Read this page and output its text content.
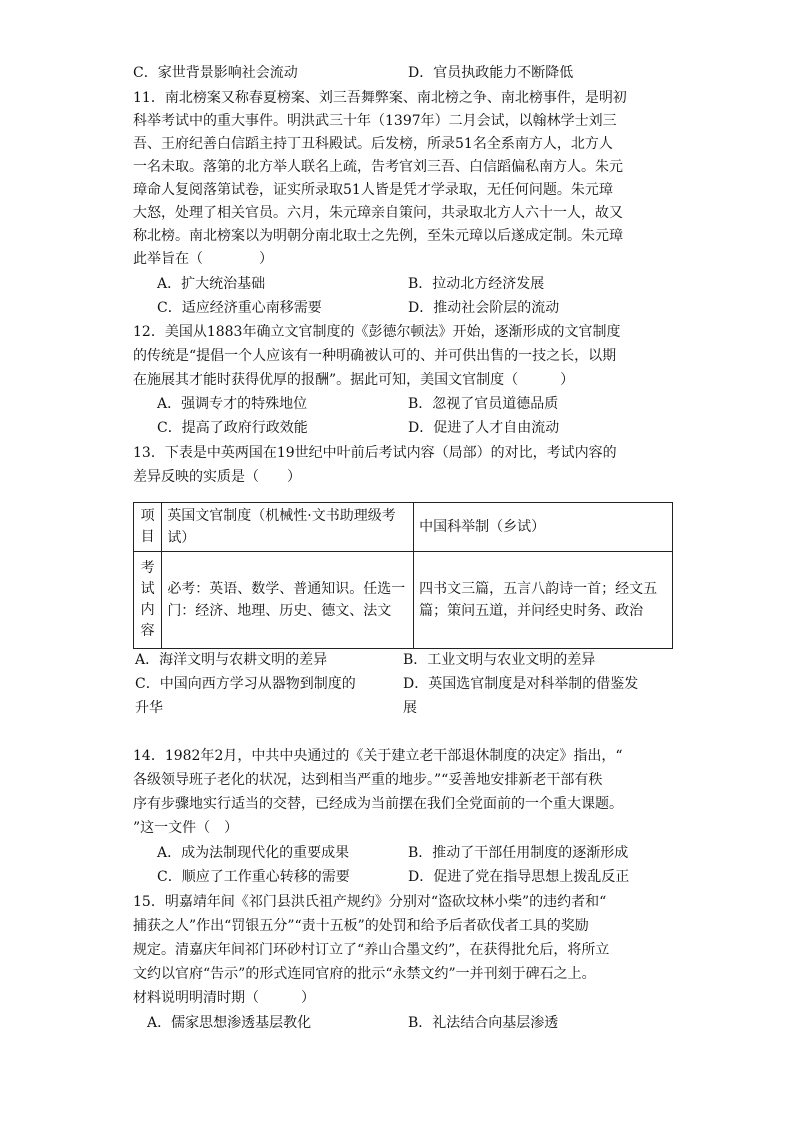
C．家世背景影响社会流动	D．官员执政能力不断降低
11．南北榜案又称春夏榜案、刘三吾舞弊案、南北榜之争、南北榜事件，是明初
科举考试中的重大事件。明洪武三十年（1397年）二月会试，以翰林学士刘三
吾、王府纪善白信蹈主持丁丑科殿试。后发榜，所录51名全系南方人，北方人
一名未取。落第的北方举人联名上疏，告考官刘三吾、白信蹈偏私南方人。朱元
璋命人复阅落第试卷，证实所录取51人皆是凭才学录取，无任何问题。朱元璋
大怒，处理了相关官员。六月，朱元璋亲自策问，共录取北方人六十一人，故又
称北榜。南北榜案以为明朝分南北取士之先例，至朱元璋以后遂成定制。朱元璋
此举旨在（　　　　）
A．扩大统治基础	B．拉动北方经济发展
C．适应经济重心南移需要	D．推动社会阶层的流动
12．美国从1883年确立文官制度的《彭德尔顿法》开始，逐渐形成的文官制度
的传统是“提倡一个人应该有一种明确被认可的、并可供出售的一技之长，以期
在施展其才能时获得优厚的报酬”。据此可知，美国文官制度（　　　）
A．强调专才的特殊地位	B．忽视了官员道德品质
C．提高了政府行政效能	D．促进了人才自由流动
13．下表是中英两国在19世纪中叶前后考试内容（局部）的对比，考试内容的
差异反映的实质是（　　）
项目	英国文官制度（机械性·文书助理级考试）	中国科举制（乡试）

考试内容	必考：英语、数学、普通知识。任选一门：经济、地理、历史、德文、法文	四书文三篇，五言八韵诗一首；经文五篇；策问五道，并问经史时务、政治
A．海洋文明与农耕文明的差异	B．工业文明与农业文明的差异
C．中国向西方学习从器物到制度的	D．英国选官制度是对科举制的借鉴发
升华	展
14．1982年2月，中共中央通过的《关于建立老干部退休制度的决定》指出，“
各级领导班子老化的状况，达到相当严重的地步。”“妥善地安排新老干部有秩
序有步骤地实行适当的交替，已经成为当前摆在我们全党面前的一个重大课题。
”这一文件（　）
A．成为法制现代化的重要成果	B．推动了干部任用制度的逐渐形成
C．顺应了工作重心转移的需要	D．促进了党在指导思想上拨乱反正
15．明嘉靖年间《祁门县洪氏祖产规约》分别对“盗砍坟林小柴”的违约者和“
捕获之人”作出“罚银五分”“责十五板”的处罚和给予后者砍伐者工具的奖励
规定。清嘉庆年间祁门环砂村订立了“养山合墨文约”，在获得批允后，将所立
文约以官府“告示”的形式连同官府的批示“永禁文约”一并刊刻于碑石之上。
材料说明明清时期（　　　）
A．儒家思想渗透基层教化	B．礼法结合向基层渗透
